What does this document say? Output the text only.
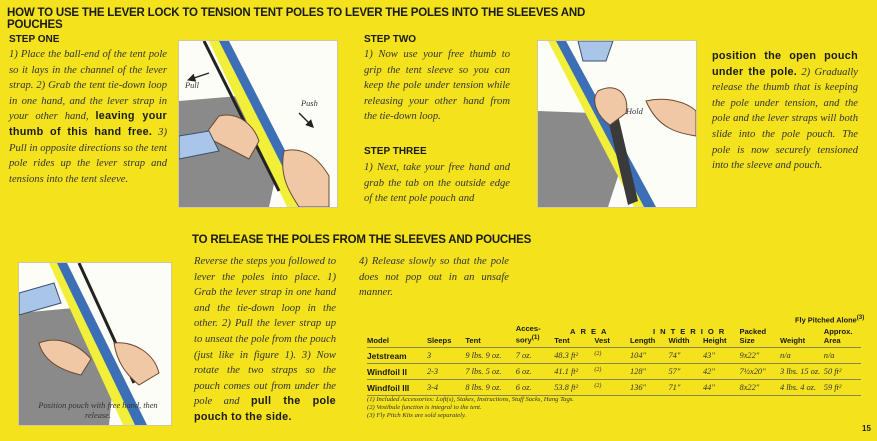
HOW TO USE THE LEVER LOCK TO TENSION TENT POLES TO LEVER THE POLES INTO THE SLEEVES AND POUCHES
STEP ONE
1) Place the ball-end of the tent pole so it lays in the channel of the lever strap. 2) Grab the tent tie-down loop in one hand, and the lever strap in your other hand, leaving your thumb of this hand free. 3) Pull in opposite directions so the tent pole rides up the lever strap and tensions into the tent sleeve.
Pull
Push
STEP TWO
1) Now use your free thumb to grip the tent sleeve so you can keep the pole under tension while releasing your other hand from the tie-down loop.
STEP THREE
1) Next, take your free hand and grab the tab on the outside edge of the tent pole pouch and
Hold
position the open pouch under the pole. 2) Gradually release the thumb that is keeping the pole under tension, and the pole and the lever straps will both slide into the pole pouch. The pole is now securely tensioned into the sleeve and pouch.
TO RELEASE THE POLES FROM THE SLEEVES AND POUCHES
Position pouch with free hand, then release.
Reverse the steps you followed to lever the poles into place. 1) Grab the lever strap in one hand and the tie-down loop in the other. 2) Pull the lever strap up to unseat the pole from the pouch (just like in figure 1). 3) Now rotate the two straps so the pouch comes out from under the pole and pull the pole pouch to the side.
4) Release slowly so that the pole does not pop out in an unsafe manner.
AREA	INTERIOR
Fly Pitched Alone$^{(3)}$
Model	Sleeps	Tent	Acces-sory$^{(1)}$	Tent	Vest	Length	Width	Height	Packed Size	Weight	Approx. Area
Jetstream	3	9 lbs. 9 oz.	7 oz.	48.3 ft²	(2)	104"	74"	43"	9x22"	n/a	n/a
Windfoil II	2-3	7 lbs. 5 oz.	6 oz.	41.1 ft²	(2)	128"	57"	42"	7½x20"	3 lbs. 15 oz.	50 ft²
Windfoil III	3-4	8 lbs. 9 oz.	6 oz.	53.8 ft²	(2)	136"	71"	44"	8x22"	4 lbs. 4 oz.	59 ft²
(1) Included Accessories: Loft(s), Stakes, Instructions, Stuff Sacks, Hang Tags.
(2) Vestibule function is integral to the tent.
(3) Fly Pitch Kits are sold separately.
15
